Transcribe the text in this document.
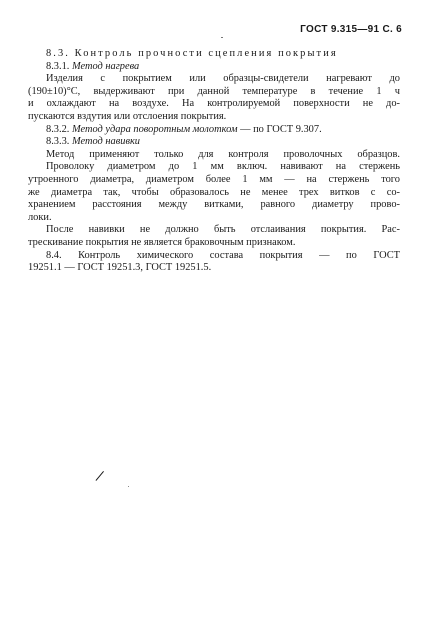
ГОСТ 9.315—91 С. 6
8.3. Контроль прочности сцепления покрытия
8.3.1. Метод нагрева
Изделия с покрытием или образцы-свидетели нагревают до
(190±10)°С, выдерживают при данной температуре в течение 1 ч
и охлаждают на воздухе. На контролируемой поверхности не до-
пускаются вздутия или отслоения покрытия.
8.3.2. Метод удара поворотным молотком — по ГОСТ 9.307.
8.3.3. Метод навивки
Метод применяют только для контроля проволочных образцов.
Проволоку диаметром до 1 мм включ. навивают на стержень
утроенного диаметра, диаметром более 1 мм — на стержень того
же диаметра так, чтобы образовалось не менее трех витков с со-
хранением расстояния между витками, равного диаметру прово-
локи.
После навивки не должно быть отслаивания покрытия. Рас-
трескивание покрытия не является браковочным признаком.
8.4. Контроль химического состава покрытия — по ГОСТ
19251.1 — ГОСТ 19251.3, ГОСТ 19251.5.
